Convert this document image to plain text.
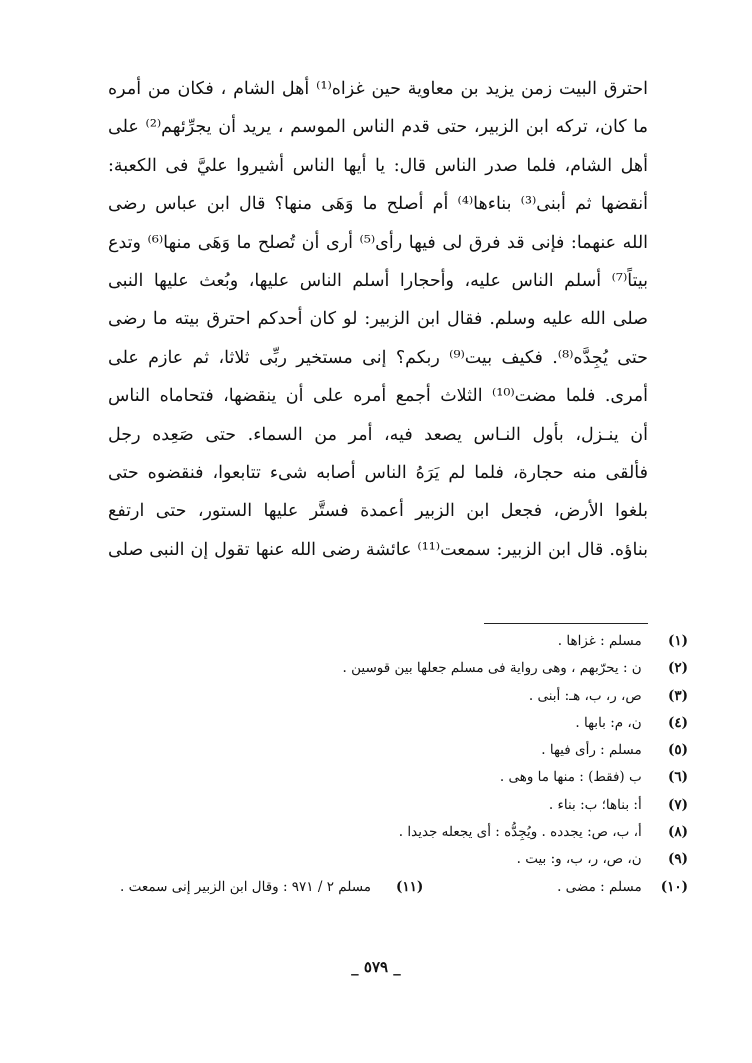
احترق البيت زمن يزيد بن معاوية حين غزاه⁽¹⁾ أهل الشام ، فكان من أمره
ما كان، تركه ابن الزبير، حتى قدم الناس الموسم ، يريد أن يجرِّئهم⁽²⁾ على
أهل الشام، فلما صدر الناس قال: يا أيها الناس أشيروا عليَّ فى الكعبة:
أنقضها ثم أبنى⁽³⁾ بناءها⁽⁴⁾ أم أصلح ما وَهَى منها؟ قال ابن عباس رضى
الله عنهما: فإنى قد فرق لى فيها رأى⁽⁵⁾ أرى أن تُصلح ما وَهَى منها⁽⁶⁾ وتدع
بيتاً⁽⁷⁾ أسلم الناس عليه، وأحجارا أسلم الناس عليها، وبُعث عليها النبى
صلى الله عليه وسلم. فقال ابن الزبير: لو كان أحدكم احترق بيته ما رضى
حتى يُجِدَّه⁽⁸⁾. فكيف بيت⁽⁹⁾ ربكم؟ إنى مستخير ربِّى ثلاثا، ثم عازم على
أمرى. فلما مضت⁽¹⁰⁾ الثلاث أجمع أمره على أن ينقضها، فتحاماه الناس
أن ينـزل، بأول النـاس يصعد فيه، أمر من السماء. حتى صَعِده رجل
فألقى منه حجارة، فلما لم يَرَهُ الناس أصابه شىء تتابعوا، فنقضوه حتى
بلغوا الأرض، فجعل ابن الزبير أعمدة فستَّر عليها الستور، حتى ارتفع
بناؤه. قال ابن الزبير: سمعت⁽¹¹⁾ عائشة رضى الله عنها تقول إن النبى صلى
(١) مسلم : غزاها .
(٢) ن : يحرّبهم ، وهى رواية فى مسلم جعلها بين قوسين .
(٣) ص، ر، ب، هـ: أبنى .
(٤) ن، م: بابها .
(٥) مسلم : رأى فيها .
(٦) ب (فقط) : منها ما وهى .
(٧) أ: بناها؛ ب: بناء .
(٨) أ، ب، ص: يجدده . ويُجِدُّه : أى يجعله جديدا .
(٩) ن، ص، ر، ب، و: بيت .
(١٠) مسلم : مضى .
(١١) مسلم ٢ / ٩٧١ : وقال ابن الزبير إنى سمعت .
_ ٥٧٩ _
